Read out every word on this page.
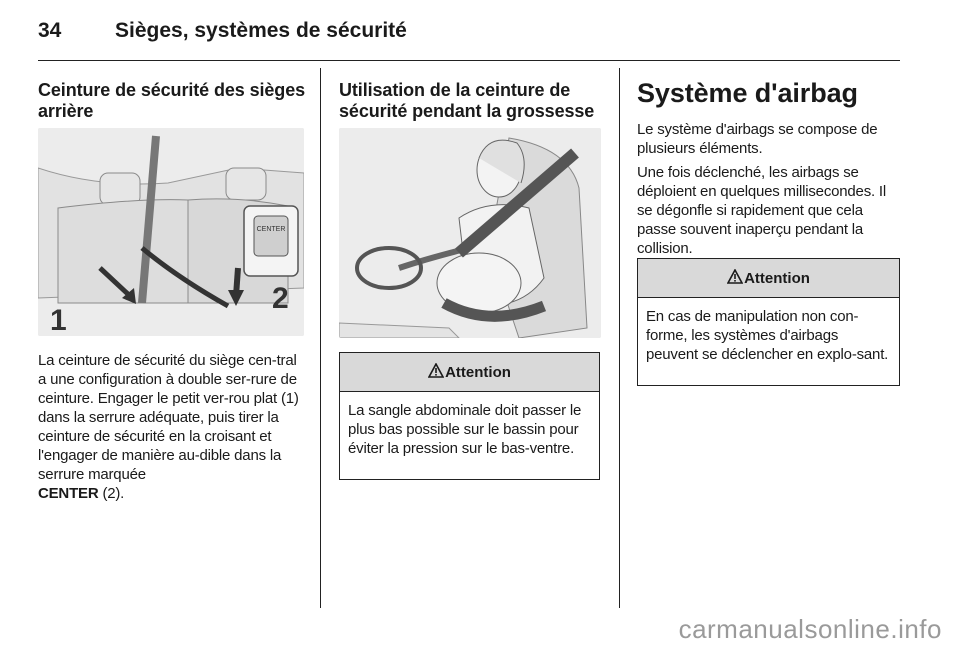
34	Sièges, systèmes de sécurité
Ceinture de sécurité des sièges arrière
CENTER
1
2

La ceinture de sécurité du siège cen-tral a une configuration à double ser-rure de ceinture. Engager le petit ver-rou plat (1) dans la serrure adéquate, puis tirer la ceinture de sécurité en la croisant et l'engager de manière au-dible dans la serrure marquée
CENTER (2).

Utilisation de la ceinture de sécurité pendant la grossesse
Attention
La sangle abdominale doit passer le plus bas possible sur le bassin pour éviter la pression sur le bas-ventre.
Système d'airbag

Le système d'airbags se compose de plusieurs éléments.

Une fois déclenché, les airbags se déploient en quelques millisecondes. Il se dégonfle si rapidement que cela passe souvent inaperçu pendant la collision.

Attention
En cas de manipulation non con-forme, les systèmes d'airbags peuvent se déclencher en explo-sant.
carmanualsonline.info
